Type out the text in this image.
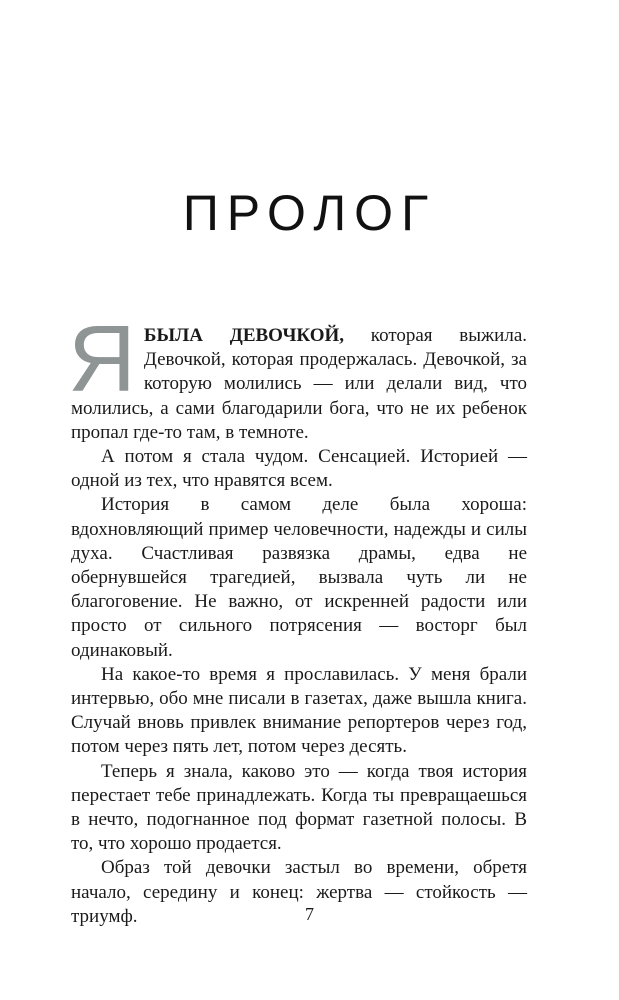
ПРОЛОГ

ЯБЫЛА ДЕВОЧКОЙ, которая выжила. Девочкой, которая продержалась. Девочкой, за которую молились — или делали вид, что молились, а сами благодарили бога, что не их ребенок пропал где-то там, в темноте.

А потом я стала чудом. Сенсацией. Историей — одной из тех, что нравятся всем.

История в самом деле была хороша: вдохновляющий пример человечности, надежды и силы духа. Счастливая развязка драмы, едва не обернувшейся трагедией, вызвала чуть ли не благоговение. Не важно, от искренней радости или просто от сильного потрясения — восторг был одинаковый.

На какое-то время я прославилась. У меня брали интервью, обо мне писали в газетах, даже вышла книга. Случай вновь привлек внимание репортеров через год, потом через пять лет, потом через десять.

Теперь я знала, каково это — когда твоя история перестает тебе принадлежать. Когда ты превращаешься в нечто, подогнанное под формат газетной полосы. В то, что хорошо продается.

Образ той девочки застыл во времени, обретя начало, середину и конец: жертва — стойкость — триумф.	7
